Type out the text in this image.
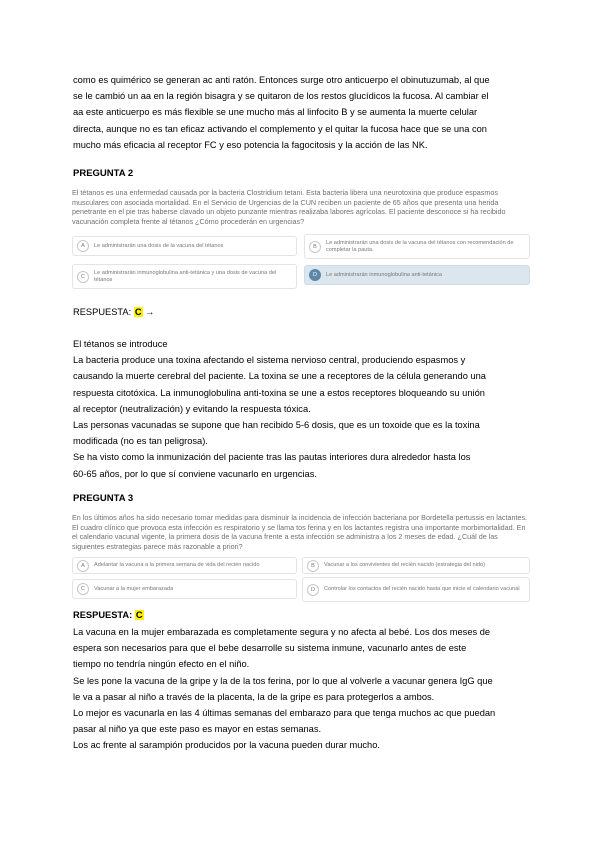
como es quimérico se generan ac anti ratón. Entonces surge otro anticuerpo el obinutuzumab, al que
se le cambió un aa en la región bisagra y se quitaron de los restos glucídicos la fucosa. Al cambiar el
aa este anticuerpo es más flexible se une mucho más al linfocito B y se aumenta la muerte celular
directa, aunque no es tan eficaz activando el complemento y el quitar la fucosa hace que se una con
mucho más eficacia al receptor FC y eso potencia la fagocitosis y la acción de las NK.
PREGUNTA 2
El tétanos es una enfermedad causada por la bacteria Clostridium tetani. Esta bacteria libera una neurotoxina que produce espasmos musculares con asociada mortalidad. En el Servicio de Urgencias de la CUN reciben un paciente de 65 años que presenta una herida penetrante en el pie tras haberse clavado un objeto punzante mientras realizaba labores agrícolas. El paciente desconoce si ha recibido vacunación completa frente al tétanos ¿Cómo procederán en urgencias?
A	Le administrarán una dosis de la vacuna del tétanos	B
Le administrarán una dosis de la vacuna del tétanos con recomendación de completar la pauta.
C
Le administrarán inmunoglobulina anti-tetánica y una dosis de vacuna del tétanos
D	Le administrarán inmunoglobulina anti-tetánica
RESPUESTA: C →
El tétanos se introduce
La bacteria produce una toxina afectando el sistema nervioso central, produciendo espasmos y
causando la muerte cerebral del paciente. La toxina se une a receptores de la célula generando una
respuesta citotóxica. La inmunoglobulina anti-toxina se une a estos receptores bloqueando su unión
al receptor (neutralización) y evitando la respuesta tóxica.
Las personas vacunadas se supone que han recibido 5-6 dosis, que es un toxoide que es la toxina
modificada (no es tan peligrosa).
Se ha visto como la inmunización del paciente tras las pautas interiores dura alrededor hasta los
60-65 años, por lo que sí conviene vacunarlo en urgencias.
PREGUNTA 3
En los últimos años ha sido necesario tomar medidas para disminuir la incidencia de infección bacteriana por Bordetella pertussis en lactantes. El cuadro clínico que provoca esta infección es respiratorio y se llama tos ferina y en los lactantes registra una importante morbimortalidad. En el calendario vacunal vigente, la primera dosis de la vacuna frente a esta infección se administra a los 2 meses de edad. ¿Cuál de las siguientes estrategias parece más razonable a priori?
A	Adelantar la vacuna a la primera semana de vida del recién nacido	B	Vacunar a los convivientes del recién nacido (estrategia del nido)
C	Vacunar a la mujer embarazada	D	Controlar los contactos del recién nacido hasta que inicie el calendario vacunal
RESPUESTA: C
La vacuna en la mujer embarazada es completamente segura y no afecta al bebé. Los dos meses de
espera son necesarios para que el bebe desarrolle su sistema inmune, vacunarlo antes de este
tiempo no tendría ningún efecto en el niño.
Se les pone la vacuna de la gripe y la de la tos ferina, por lo que al volverle a vacunar genera IgG que
le va a pasar al niño a través de la placenta, la de la gripe es para protegerlos a ambos.
Lo mejor es vacunarla en las 4 últimas semanas del embarazo para que tenga muchos ac que puedan
pasar al niño ya que este paso es mayor en estas semanas.
Los ac frente al sarampión producidos por la vacuna pueden durar mucho.
